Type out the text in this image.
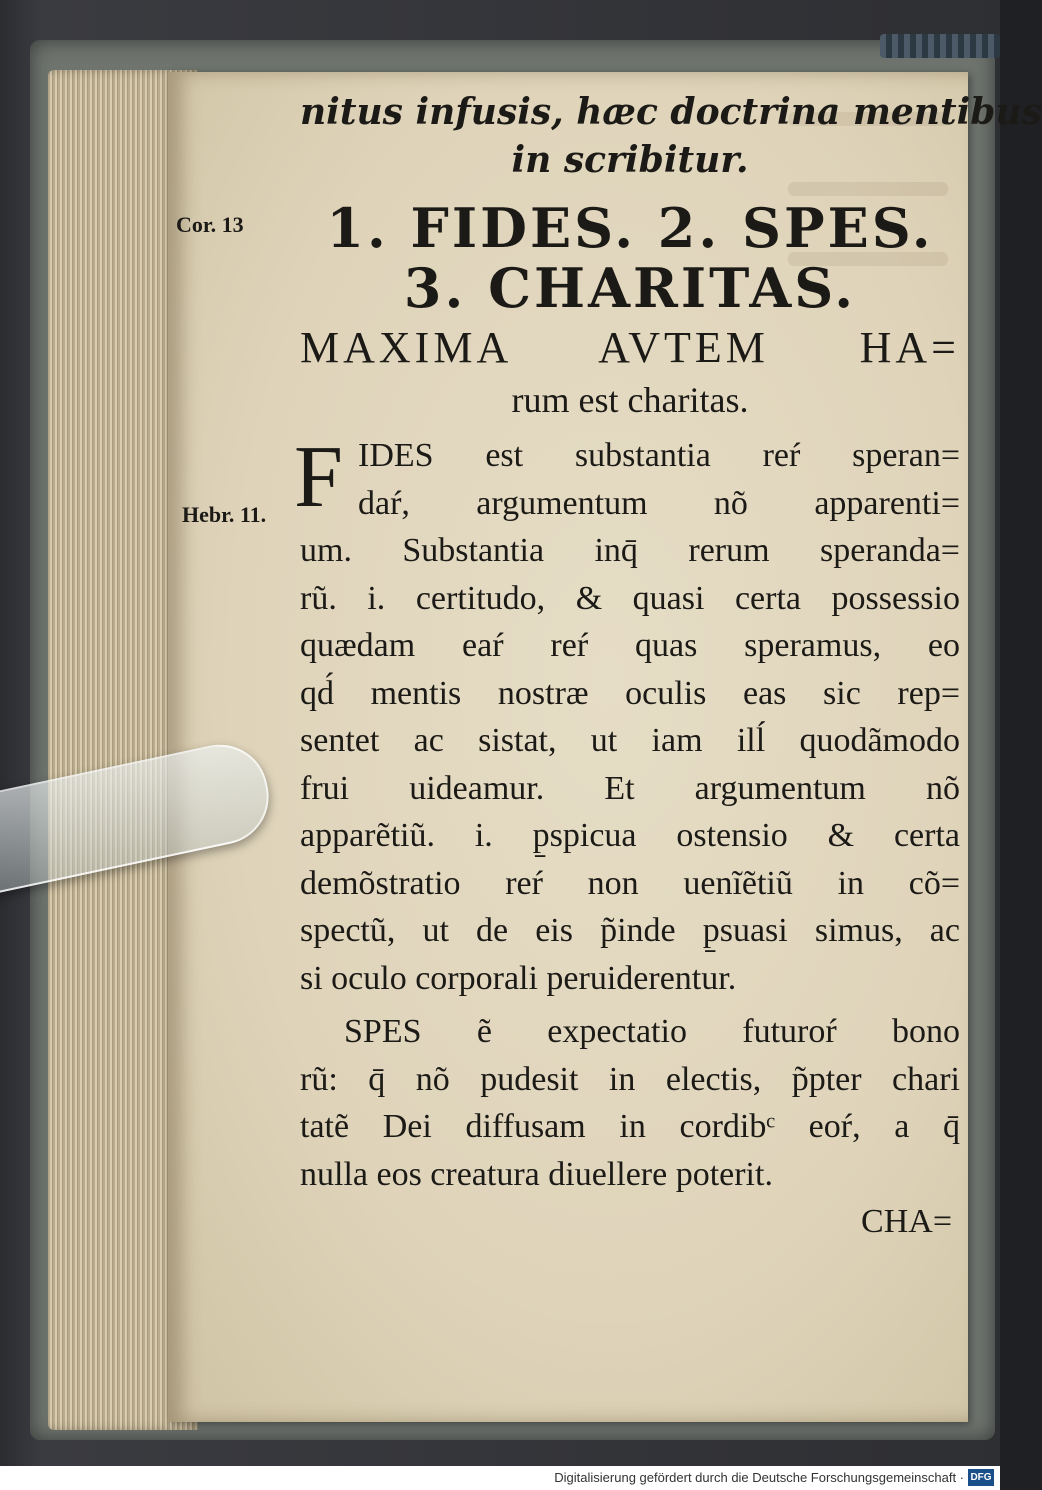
Cor. 13
Hebr. 11.
nitus infusis, hæc doctrina mentibus
in scribitur.
1. FIDES. 2. SPES.
3. CHARITAS.
MAXIMA AVTEM HA=
rum est charitas.
F IDES est substantia reŕ speran=
daŕ, argumentum nõ apparenti=
um. Substantia inq̄ rerum speranda=
rũ. i. certitudo, & quasi certa possessio
quædam eaŕ reŕ quas speramus, eo
qd́ mentis nostræ oculis eas sic rep=
sentet ac sistat, ut iam ilĺ quodãmodo
frui uideamur. Et argumentum nõ
apparẽtiũ. i. p̱spicua ostensio & certa
demõstratio reŕ non uenĩẽtiũ in cõ=
spectũ, ut de eis p̃inde p̱suasi simus, ac
si oculo corporali peruiderentur.
SPES ẽ expectatio futuroŕ bono
rũ: q̄ nõ pudesit in electis, p̃pter chari
tatẽ Dei diffusam in cordibᶜ eoŕ, a q̄
nulla eos creatura diuellere poterit.
CHA=
Digitalisierung gefördert durch die Deutsche Forschungsgemeinschaft · DFG
